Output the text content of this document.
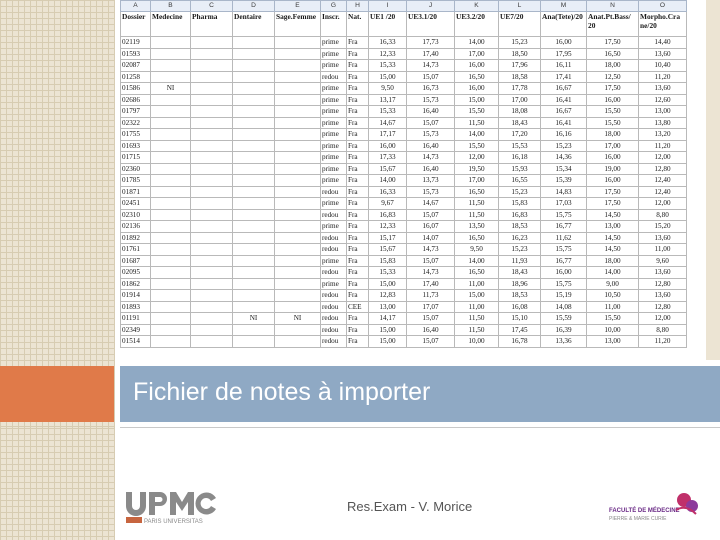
A	B	C	D	E	G	H	I	J	K	L	M	N	O
Dossier	Medecine	Pharma	Dentaire	Sage.Femme	Inscr.	Nat.	UE1 /20	UE3.1/20	UE3.2/20	UE7/20	Ana(Tete)/20	Anat.Pt.Bass/ 20	Morpho.Cra ne/20
02119					prime	Fra	16,33	17,73	14,00	15,23	16,00	17,50	14,40
01593					prime	Fra	12,33	17,40	17,00	18,50	17,95	16,50	13,60
02087					prime	Fra	15,33	14,73	16,00	17,96	16,11	18,00	10,40
01258					redou	Fra	15,00	15,07	16,50	18,58	17,41	12,50	11,20
01586	NI				prime	Fra	9,50	16,73	16,00	17,78	16,67	17,50	13,60
02686					prime	Fra	13,17	15,73	15,00	17,00	16,41	16,00	12,60
01797					prime	Fra	15,33	16,40	15,50	18,08	16,67	15,50	13,00
02322					prime	Fra	14,67	15,07	11,50	18,43	16,41	15,50	13,80
01755					prime	Fra	17,17	15,73	14,00	17,20	16,16	18,00	13,20
01693					prime	Fra	16,00	16,40	15,50	15,53	15,23	17,00	11,20
01715					prime	Fra	17,33	14,73	12,00	16,18	14,36	16,00	12,00
02360					prime	Fra	15,67	16,40	19,50	15,93	15,34	19,00	12,80
01785					prime	Fra	14,00	13,73	17,00	16,55	15,39	16,00	12,40
01871					redou	Fra	16,33	15,73	16,50	15,23	14,83	17,50	12,40
02451					prime	Fra	9,67	14,67	11,50	15,83	17,03	17,50	12,00
02310					redou	Fra	16,83	15,07	11,50	16,83	15,75	14,50	8,80
02136					prime	Fra	12,33	16,07	13,50	18,53	16,77	13,00	15,20
01892					redou	Fra	15,17	14,07	16,50	16,23	11,62	14,50	13,60
01761					redou	Fra	15,67	14,73	9,50	15,23	15,75	14,50	11,00
01687					prime	Fra	15,83	15,07	14,00	11,93	16,77	18,00	9,60
02095					redou	Fra	15,33	14,73	16,50	18,43	16,00	14,00	13,60
01862					prime	Fra	15,00	17,40	11,00	18,96	15,75	9,00	12,80
01914					redou	Fra	12,83	11,73	15,00	18,53	15,19	10,50	13,60
01893					redou	CEE	13,00	17,07	11,00	16,08	14,08	11,00	12,80
01191			NI	NI	redou	Fra	14,17	15,07	11,50	15,10	15,59	15,50	12,00
02349					redou	Fra	15,00	16,40	11,50	17,45	16,39	10,00	8,80
01514					redou	Fra	15,00	15,07	10,00	16,78	13,36	13,00	11,20
Fichier de notes à importer
PARIS UNIVERSITAS
Res.Exam - V. Morice	FACULTÉ DE MÉDECINE
PIERRE & MARIE CURIE
